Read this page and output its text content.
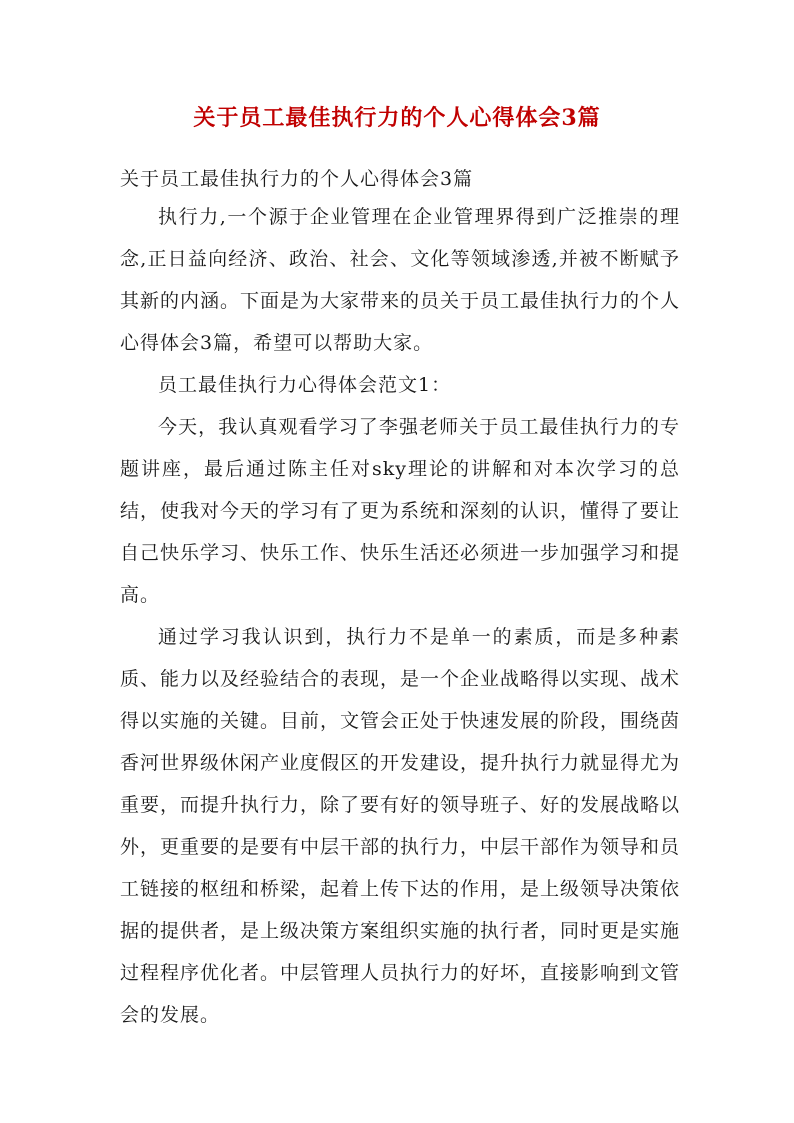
关于员工最佳执行力的个人心得体会3篇
关于员工最佳执行力的个人心得体会3篇
执行力,一个源于企业管理在企业管理界得到广泛推崇的理念,正日益向经济、政治、社会、文化等领域渗透,并被不断赋予其新的内涵。下面是为大家带来的员关于员工最佳执行力的个人心得体会3篇，希望可以帮助大家。
员工最佳执行力心得体会范文1：
今天，我认真观看学习了李强老师关于员工最佳执行力的专题讲座，最后通过陈主任对sky理论的讲解和对本次学习的总结，使我对今天的学习有了更为系统和深刻的认识，懂得了要让自己快乐学习、快乐工作、快乐生活还必须进一步加强学习和提高。
通过学习我认识到，执行力不是单一的素质，而是多种素质、能力以及经验结合的表现，是一个企业战略得以实现、战术得以实施的关键。目前，文管会正处于快速发展的阶段，围绕茵香河世界级休闲产业度假区的开发建设，提升执行力就显得尤为重要，而提升执行力，除了要有好的领导班子、好的发展战略以外，更重要的是要有中层干部的执行力，中层干部作为领导和员工链接的枢纽和桥梁，起着上传下达的作用，是上级领导决策依据的提供者，是上级决策方案组织实施的执行者，同时更是实施过程程序优化者。中层管理人员执行力的好坏，直接影响到文管会的发展。
